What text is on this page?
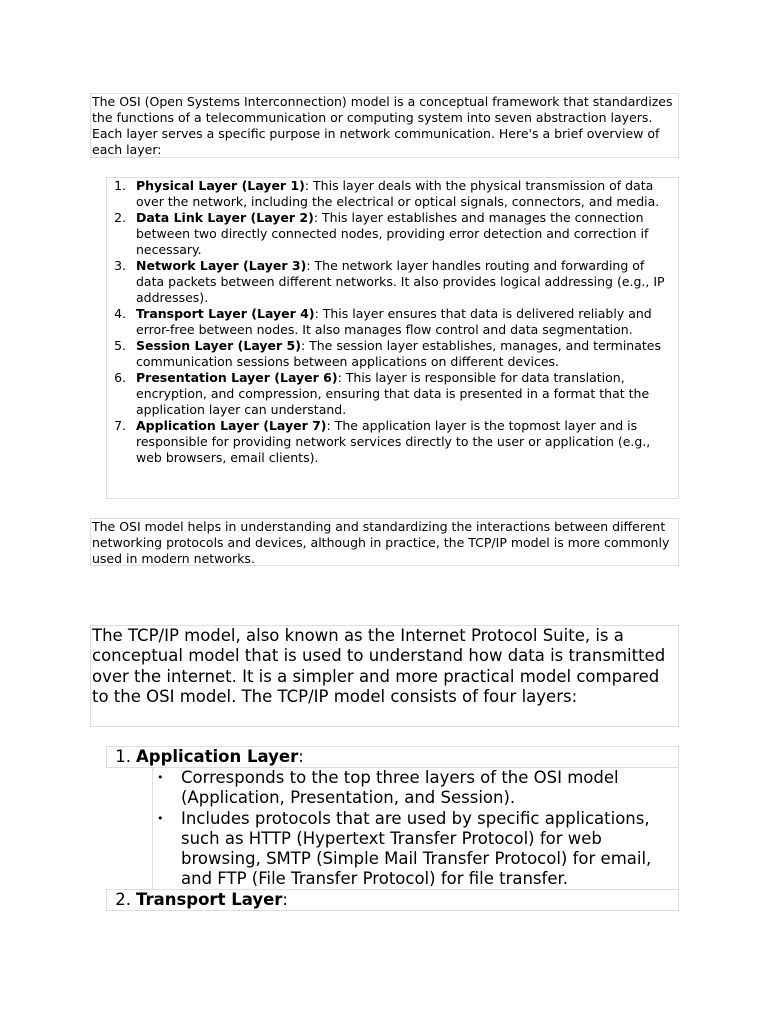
The OSI (Open Systems Interconnection) model is a conceptual framework that standardizes the functions of a telecommunication or computing system into seven abstraction layers. Each layer serves a specific purpose in network communication. Here's a brief overview of each layer:
1. Physical Layer (Layer 1): This layer deals with the physical transmission of data over the network, including the electrical or optical signals, connectors, and media.
2. Data Link Layer (Layer 2): This layer establishes and manages the connection between two directly connected nodes, providing error detection and correction if necessary.
3. Network Layer (Layer 3): The network layer handles routing and forwarding of data packets between different networks. It also provides logical addressing (e.g., IP addresses).
4. Transport Layer (Layer 4): This layer ensures that data is delivered reliably and error-free between nodes. It also manages flow control and data segmentation.
5. Session Layer (Layer 5): The session layer establishes, manages, and terminates communication sessions between applications on different devices.
6. Presentation Layer (Layer 6): This layer is responsible for data translation, encryption, and compression, ensuring that data is presented in a format that the application layer can understand.
7. Application Layer (Layer 7): The application layer is the topmost layer and is responsible for providing network services directly to the user or application (e.g., web browsers, email clients).
The OSI model helps in understanding and standardizing the interactions between different networking protocols and devices, although in practice, the TCP/IP model is more commonly used in modern networks.
The TCP/IP model, also known as the Internet Protocol Suite, is a conceptual model that is used to understand how data is transmitted over the internet. It is a simpler and more practical model compared to the OSI model. The TCP/IP model consists of four layers:
1. Application Layer:
• Corresponds to the top three layers of the OSI model (Application, Presentation, and Session).
• Includes protocols that are used by specific applications, such as HTTP (Hypertext Transfer Protocol) for web browsing, SMTP (Simple Mail Transfer Protocol) for email, and FTP (File Transfer Protocol) for file transfer.
2. Transport Layer:
